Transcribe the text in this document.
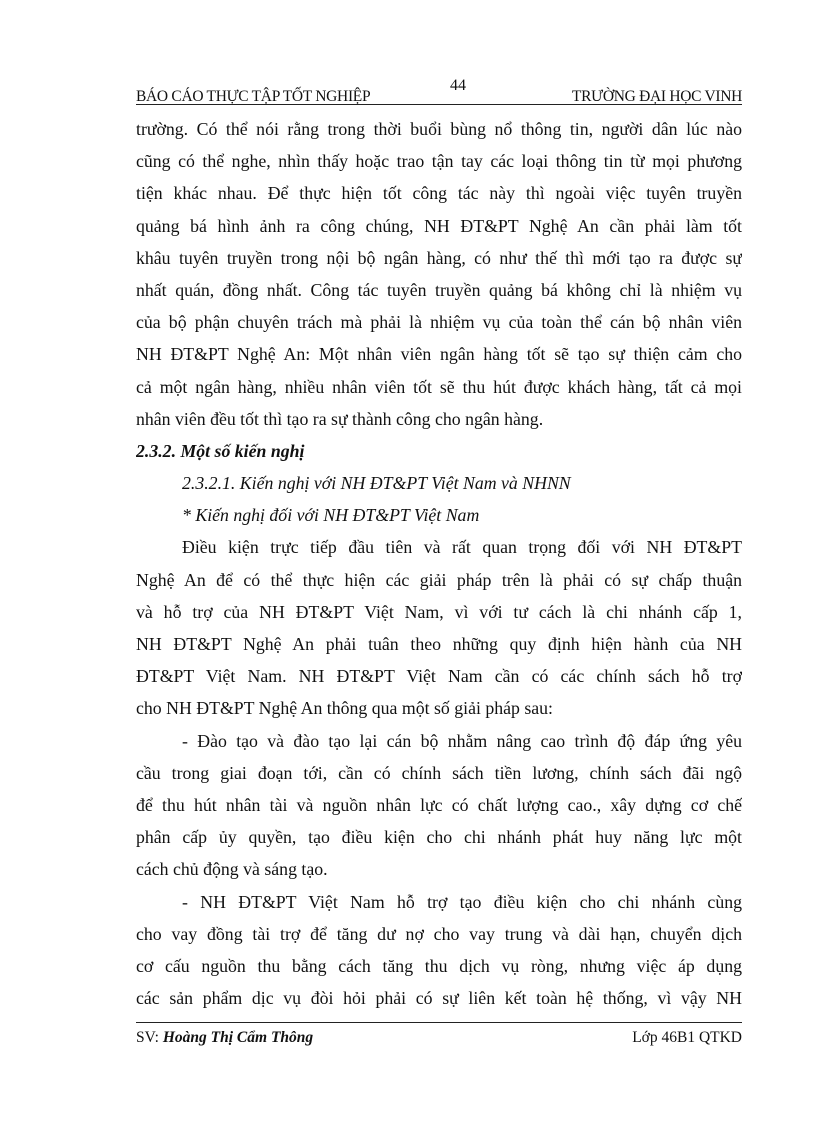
BÁO CÁO THỰC TẬP TỐT NGHIỆP
44
TRƯỜNG ĐẠI HỌC VINH
trường. Có thể nói rằng trong thời buổi bùng nổ thông tin, người dân lúc nào
cũng có thể nghe, nhìn thấy hoặc trao tận tay các loại thông tin từ mọi phương
tiện khác nhau. Để thực hiện tốt công tác này thì ngoài việc tuyên truyền
quảng bá hình ảnh ra công chúng, NH ĐT&PT Nghệ An cần phải làm tốt
khâu tuyên truyền trong nội bộ ngân hàng, có như thế thì mới tạo ra được sự
nhất quán, đồng nhất. Công tác tuyên truyền quảng bá không chỉ là nhiệm vụ
của bộ phận chuyên trách mà phải là nhiệm vụ của toàn thể cán bộ nhân viên
NH ĐT&PT Nghệ An: Một nhân viên ngân hàng tốt sẽ tạo sự thiện cảm cho
cả một ngân hàng, nhiều nhân viên tốt sẽ thu hút được khách hàng, tất cả mọi
nhân viên đều tốt thì tạo ra sự thành công cho ngân hàng.
2.3.2. Một số kiến nghị
2.3.2.1. Kiến nghị với NH ĐT&PT Việt Nam và NHNN
* Kiến nghị đối với NH ĐT&PT Việt Nam
Điều kiện trực tiếp đầu tiên và rất quan trọng đối với NH ĐT&PT
Nghệ An để có thể thực hiện các giải pháp trên là phải có sự chấp thuận
và hỗ trợ của NH ĐT&PT Việt Nam, vì với tư cách là chi nhánh cấp 1,
NH ĐT&PT Nghệ An phải tuân theo những quy định hiện hành của NH
ĐT&PT Việt Nam. NH ĐT&PT Việt Nam cần có các chính sách hỗ trợ
cho NH ĐT&PT Nghệ An thông qua một số giải pháp sau:
- Đào tạo và đào tạo lại cán bộ nhằm nâng cao trình độ đáp ứng yêu
cầu trong giai đoạn tới, cần có chính sách tiền lương, chính sách đãi ngộ
để thu hút nhân tài và nguồn nhân lực có chất lượng cao., xây dựng cơ chế
phân cấp ủy quyền, tạo điều kiện cho chi nhánh phát huy năng lực một
cách chủ động và sáng tạo.
- NH ĐT&PT Việt Nam hỗ trợ tạo điều kiện cho chi nhánh cùng
cho vay đồng tài trợ để tăng dư nợ cho vay trung và dài hạn, chuyển dịch
cơ cấu nguồn thu bằng cách tăng thu dịch vụ ròng, nhưng việc áp dụng
các sản phẩm dịc vụ đòi hỏi phải có sự liên kết toàn hệ thống, vì vậy NH
SV: Hoàng Thị Cẩm Thông	Lớp 46B1 QTKD
